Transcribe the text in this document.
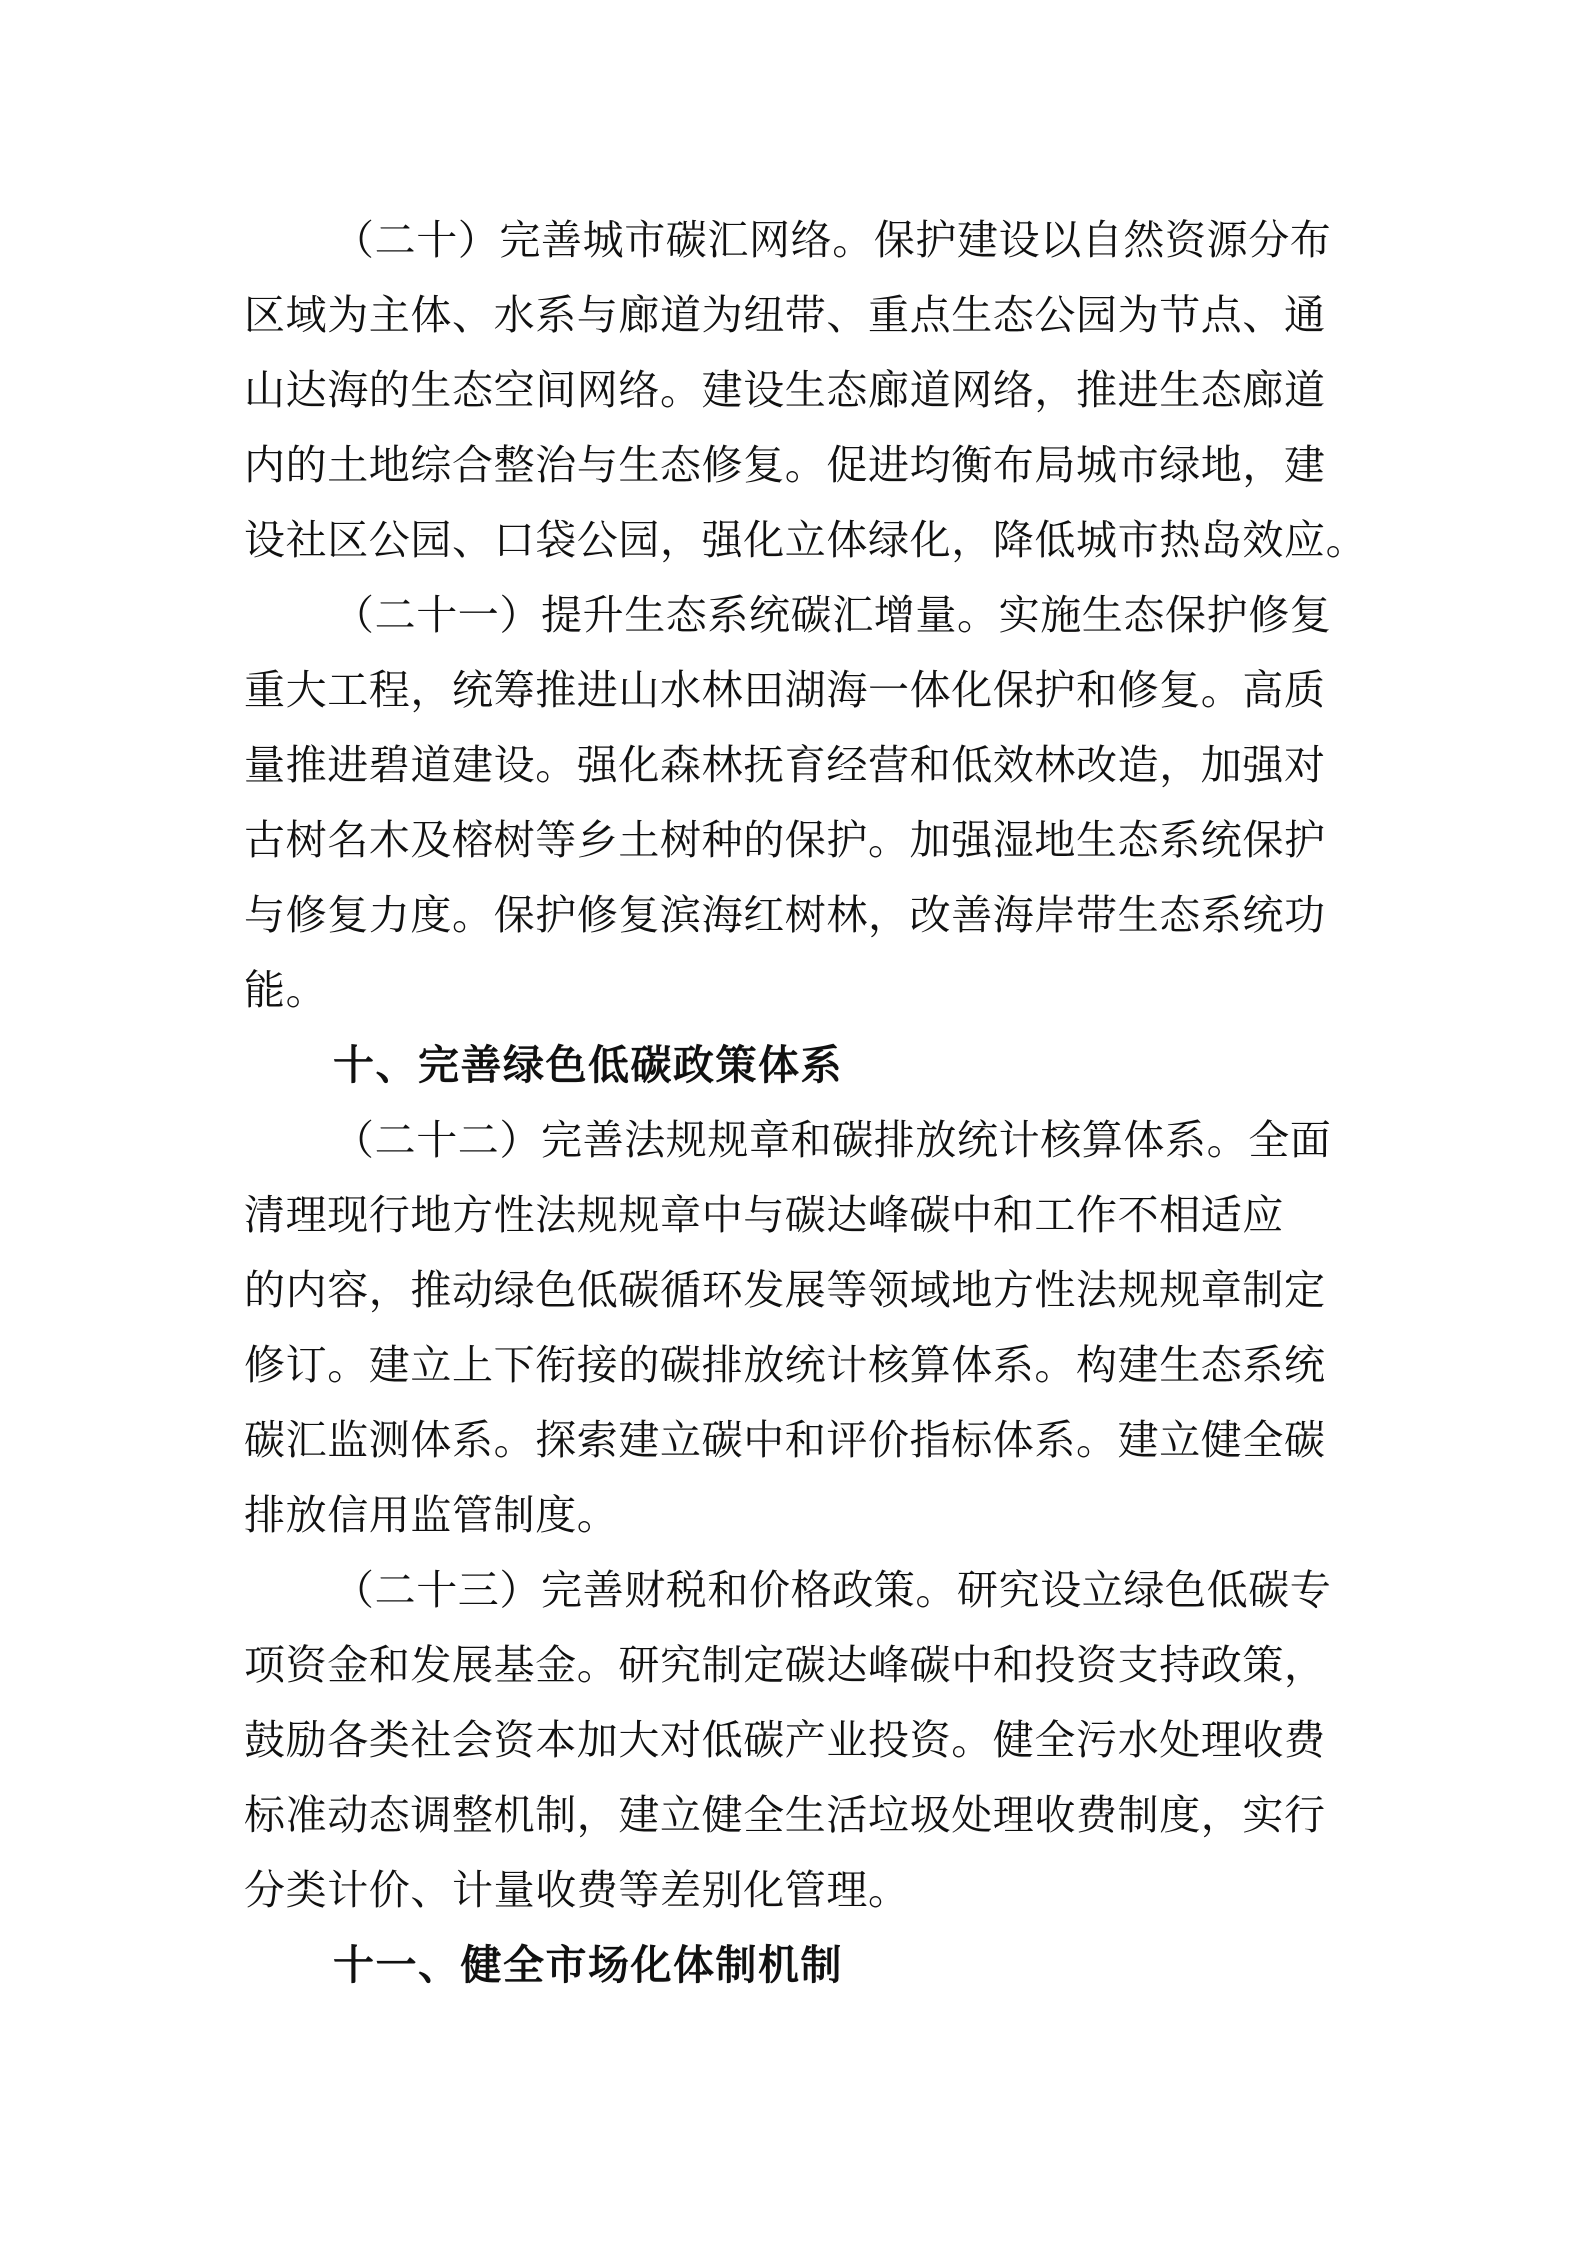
（二十）完善城市碳汇网络。保护建设以自然资源分布
区域为主体、水系与廊道为纽带、重点生态公园为节点、通
山达海的生态空间网络。建设生态廊道网络，推进生态廊道
内的土地综合整治与生态修复。促进均衡布局城市绿地，建
设社区公园、口袋公园，强化立体绿化，降低城市热岛效应。
（二十一）提升生态系统碳汇增量。实施生态保护修复
重大工程，统筹推进山水林田湖海一体化保护和修复。高质
量推进碧道建设。强化森林抚育经营和低效林改造，加强对
古树名木及榕树等乡土树种的保护。加强湿地生态系统保护
与修复力度。保护修复滨海红树林，改善海岸带生态系统功
能。
十、完善绿色低碳政策体系
（二十二）完善法规规章和碳排放统计核算体系。全面
清理现行地方性法规规章中与碳达峰碳中和工作不相适应
的内容，推动绿色低碳循环发展等领域地方性法规规章制定
修订。建立上下衔接的碳排放统计核算体系。构建生态系统
碳汇监测体系。探索建立碳中和评价指标体系。建立健全碳
排放信用监管制度。
（二十三）完善财税和价格政策。研究设立绿色低碳专
项资金和发展基金。研究制定碳达峰碳中和投资支持政策，
鼓励各类社会资本加大对低碳产业投资。健全污水处理收费
标准动态调整机制，建立健全生活垃圾处理收费制度，实行
分类计价、计量收费等差别化管理。
十一、健全市场化体制机制
